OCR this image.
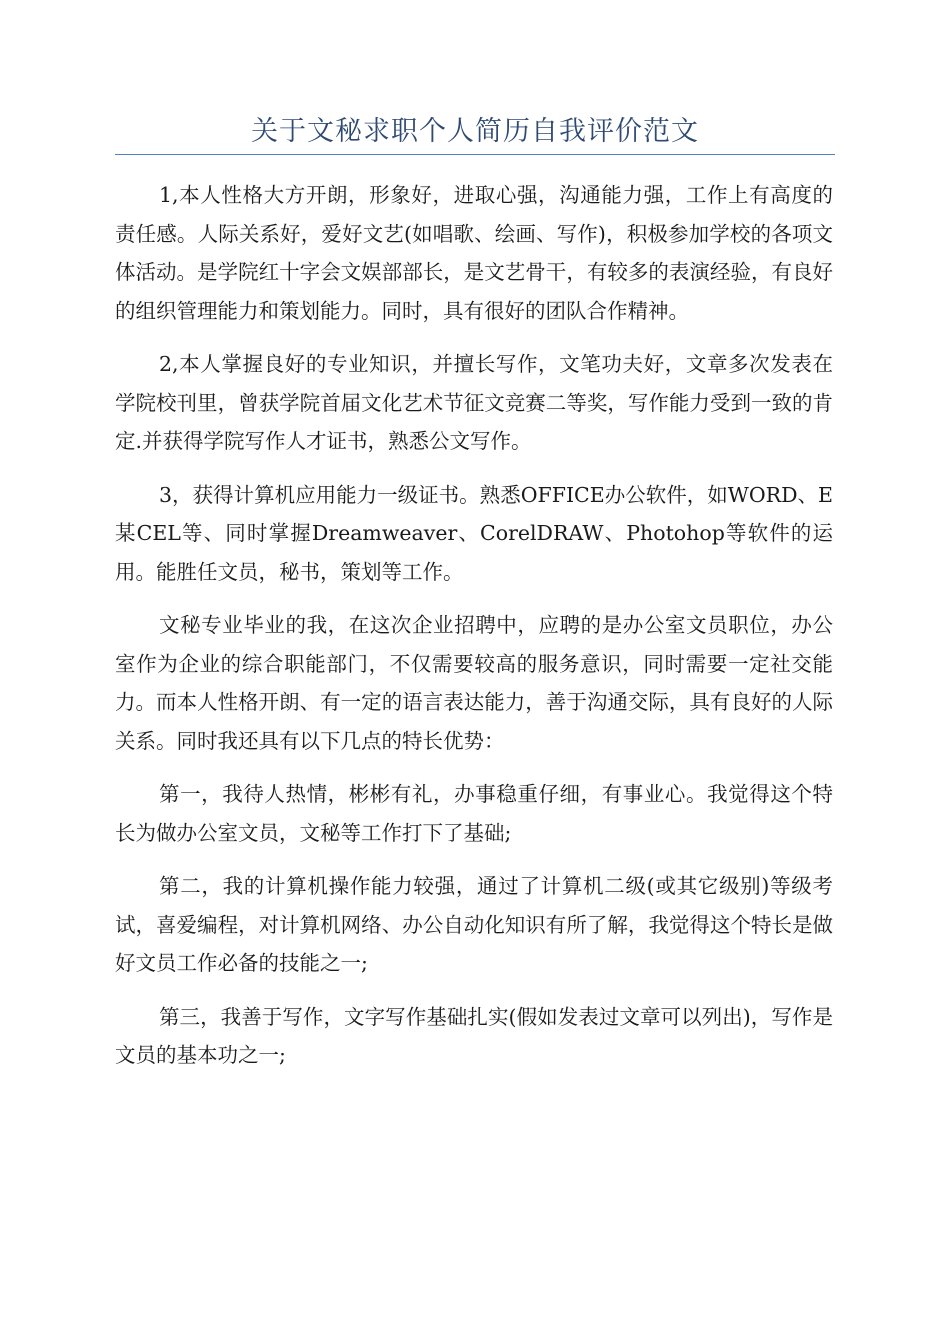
关于文秘求职个人简历自我评价范文

1,本人性格大方开朗，形象好，进取心强，沟通能力强，工作上有高度的责任感。人际关系好，爱好文艺(如唱歌、绘画、写作)，积极参加学校的各项文体活动。是学院红十字会文娱部部长，是文艺骨干，有较多的表演经验，有良好的组织管理能力和策划能力。同时，具有很好的团队合作精神。

2,本人掌握良好的专业知识，并擅长写作，文笔功夫好，文章多次发表在学院校刊里，曾获学院首届文化艺术节征文竞赛二等奖，写作能力受到一致的肯定.并获得学院写作人才证书，熟悉公文写作。

3，获得计算机应用能力一级证书。熟悉OFFICE办公软件，如WORD、E某CEL等、同时掌握Dreamweaver、CorelDRAW、Photohop等软件的运用。能胜任文员，秘书，策划等工作。

文秘专业毕业的我，在这次企业招聘中，应聘的是办公室文员职位，办公室作为企业的综合职能部门，不仅需要较高的服务意识，同时需要一定社交能力。而本人性格开朗、有一定的语言表达能力，善于沟通交际，具有良好的人际关系。同时我还具有以下几点的特长优势：

第一，我待人热情，彬彬有礼，办事稳重仔细，有事业心。我觉得这个特长为做办公室文员，文秘等工作打下了基础;

第二，我的计算机操作能力较强，通过了计算机二级(或其它级别)等级考试，喜爱编程，对计算机网络、办公自动化知识有所了解，我觉得这个特长是做好文员工作必备的技能之一;

第三，我善于写作，文字写作基础扎实(假如发表过文章可以列出)，写作是文员的基本功之一;
